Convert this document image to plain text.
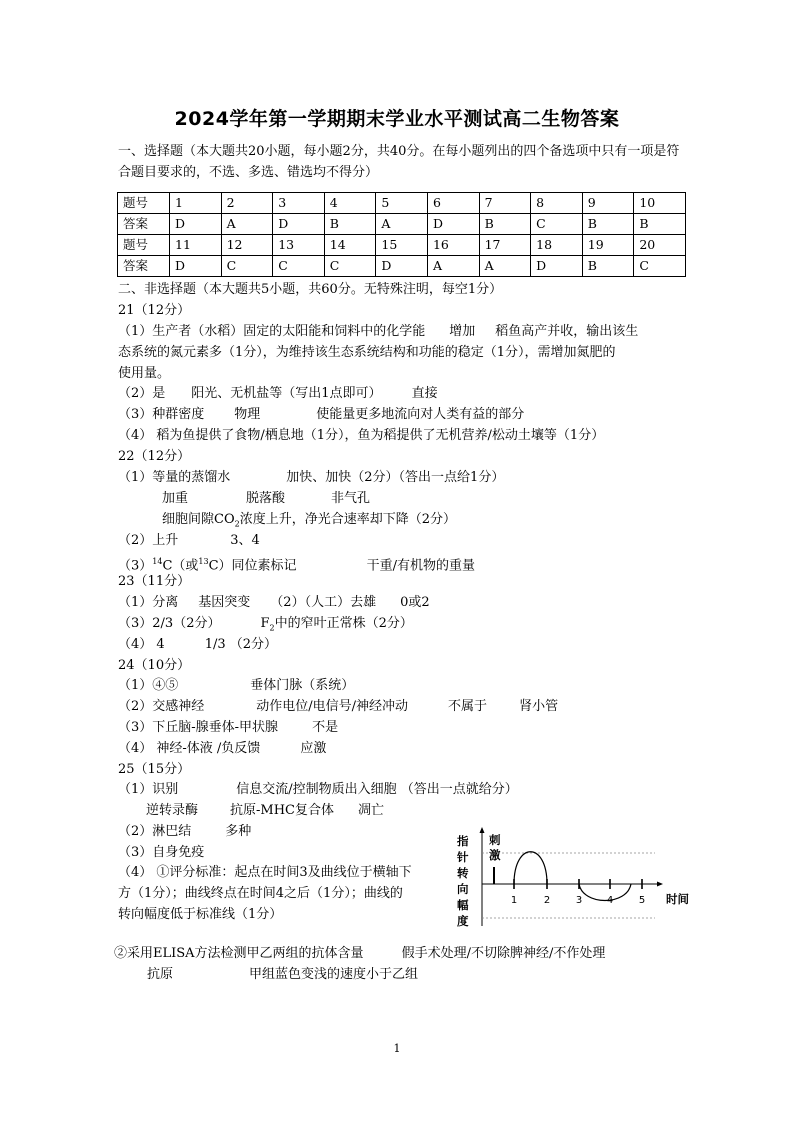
2024学年第一学期期末学业水平测试高二生物答案
一、选择题（本大题共20小题，每小题2分，共40分。在每小题列出的四个备选项中只有一项是符合题目要求的，不选、多选、错选均不得分）
题号	1	2	3	4	5	6	7	8	9	10
答案	D	A	D	B	A	D	B	C	B	B
题号	11	12	13	14	15	16	17	18	19	20
答案	D	C	C	C	D	A	A	D	B	C
二、非选择题（本大题共5小题，共60分。无特殊注明，每空1分）
21（12分）
（1）生产者（水稻）固定的太阳能和饲料中的化学能 增加 稻鱼高产并收，输出该生
态系统的氮元素多（1分），为维持该生态系统结构和功能的稳定（1分），需增加氮肥的
使用量。
（2）是 阳光、无机盐等（写出1点即可） 直接
（3）种群密度 物理	使能量更多地流向对人类有益的部分
（4） 稻为鱼提供了食物/栖息地（1分），鱼为稻提供了无机营养/松动土壤等（1分）
22（12分）
（1）等量的蒸馏水	加快、加快（2分）（答出一点给1分）
加重	脱落酸	非气孔
细胞间隙$CO_2$浓度上升，净光合速率却下降（2分）
（2）上升	3、4
$(3)^{14}C$（或$^{13}$C）同位素标记	干重/有机物的重量
23（11分）
（1）分离 基因突变 （2）（人工）去雄 0或2
（3）2/3（2分）	$F_2$中的窄叶正常株（2分）
（4） 4	1/3 （2分）
24（10分）
（1）④⑤	垂体门脉（系统）
（2）交感神经	动作电位/电信号/神经冲动	不属于 肾小管
（3）下丘脑-腺垂体-甲状腺	不是
（4） 神经-体液 /负反馈	应激
25（15分）
（1）识别	信息交流/控制物质出入细胞 （答出一点就给分）
逆转录酶 抗原-MHC复合体 凋亡
（2）淋巴结	多种
（3）自身免疫
（4） ①评分标准：起点在时间3及曲线位于横轴下
方（1分）；曲线终点在时间4之后（1分）；曲线的
转向幅度低于标准线（1分）
指
针
转
向
幅
度
刺
激
1	2	3 4	5 时间
②采用ELISA方法检测甲乙两组的抗体含量	假手术处理/不切除脾神经/不作处理
抗原	甲组蓝色变浅的速度小于乙组
1
